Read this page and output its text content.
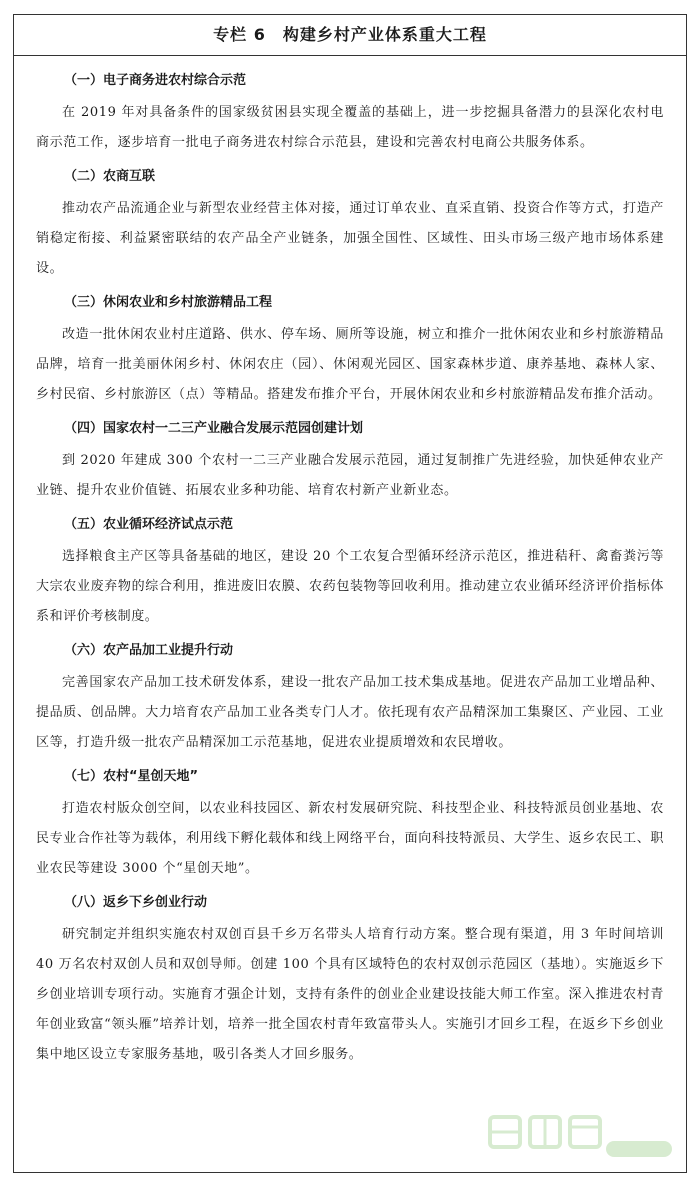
专栏 6　构建乡村产业体系重大工程

（一）电子商务进农村综合示范

在 2019 年对具备条件的国家级贫困县实现全覆盖的基础上，进一步挖掘具备潜力的县深化农村电商示范工作，逐步培育一批电子商务进农村综合示范县，建设和完善农村电商公共服务体系。

（二）农商互联

推动农产品流通企业与新型农业经营主体对接，通过订单农业、直采直销、投资合作等方式，打造产销稳定衔接、利益紧密联结的农产品全产业链条，加强全国性、区域性、田头市场三级产地市场体系建设。

（三）休闲农业和乡村旅游精品工程

改造一批休闲农业村庄道路、供水、停车场、厕所等设施，树立和推介一批休闲农业和乡村旅游精品品牌，培育一批美丽休闲乡村、休闲农庄（园）、休闲观光园区、国家森林步道、康养基地、森林人家、乡村民宿、乡村旅游区（点）等精品。搭建发布推介平台，开展休闲农业和乡村旅游精品发布推介活动。

（四）国家农村一二三产业融合发展示范园创建计划

到 2020 年建成 300 个农村一二三产业融合发展示范园，通过复制推广先进经验，加快延伸农业产业链、提升农业价值链、拓展农业多种功能、培育农村新产业新业态。

（五）农业循环经济试点示范

选择粮食主产区等具备基础的地区，建设 20 个工农复合型循环经济示范区，推进秸秆、禽畜粪污等大宗农业废弃物的综合利用，推进废旧农膜、农药包装物等回收利用。推动建立农业循环经济评价指标体系和评价考核制度。

（六）农产品加工业提升行动

完善国家农产品加工技术研发体系，建设一批农产品加工技术集成基地。促进农产品加工业增品种、提品质、创品牌。大力培育农产品加工业各类专门人才。依托现有农产品精深加工集聚区、产业园、工业区等，打造升级一批农产品精深加工示范基地，促进农业提质增效和农民增收。

（七）农村“星创天地”

打造农村版众创空间，以农业科技园区、新农村发展研究院、科技型企业、科技特派员创业基地、农民专业合作社等为载体，利用线下孵化载体和线上网络平台，面向科技特派员、大学生、返乡农民工、职业农民等建设 3000 个“星创天地”。

（八）返乡下乡创业行动

研究制定并组织实施农村双创百县千乡万名带头人培育行动方案。整合现有渠道，用 3 年时间培训 40 万名农村双创人员和双创导师。创建 100 个具有区域特色的农村双创示范园区（基地）。实施返乡下乡创业培训专项行动。实施育才强企计划，支持有条件的创业企业建设技能大师工作室。深入推进农村青年创业致富“领头雁”培养计划，培养一批全国农村青年致富带头人。实施引才回乡工程，在返乡下乡创业集中地区设立专家服务基地，吸引各类人才回乡服务。
